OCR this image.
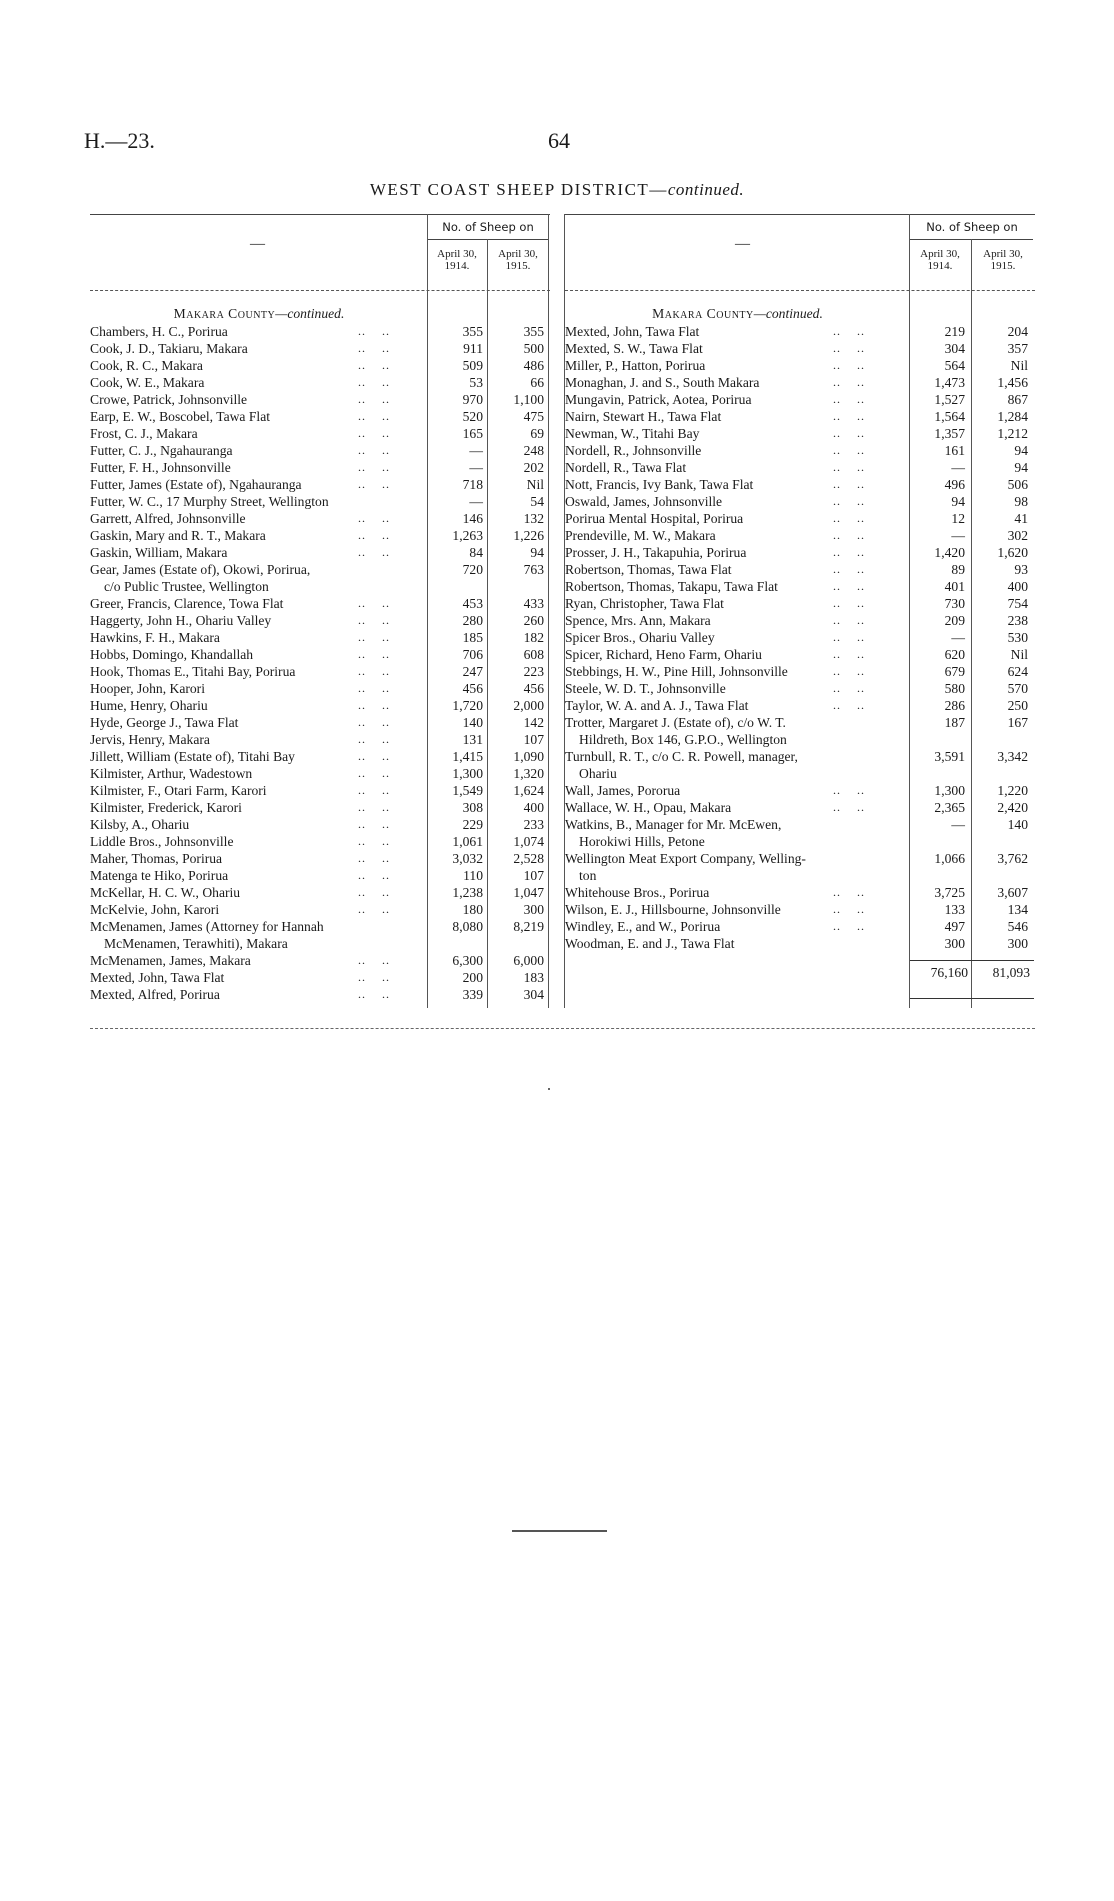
H.—23.	64
WEST COAST SHEEP DISTRICT—continued.
—
No. of Sheep on
April 30,
1914.
April 30,
1915.
Makara County—continued.
Chambers, H. C., Porirua	..    ..	355	355
Cook, J. D., Takiaru, Makara	..    ..	911	500
Cook, R. C., Makara	..    ..	509	486
Cook, W. E., Makara	..    ..	53	66
Crowe, Patrick, Johnsonville	..    ..	970	1,100
Earp, E. W., Boscobel, Tawa Flat	..    ..	520	475
Frost, C. J., Makara	..    ..	165	69
Futter, C. J., Ngahauranga	..    ..	—	248
Futter, F. H., Johnsonville	..    ..	—	202
Futter, James (Estate of), Ngahauranga	..    ..	718	Nil
Futter, W. C., 17 Murphy Street, Wellington	—	54
Garrett, Alfred, Johnsonville	..    ..	146	132
Gaskin, Mary and R. T., Makara	..    ..	1,263	1,226
Gaskin, William, Makara	..    ..	84	94
Gear, James (Estate of), Okowi, Porirua,	720	763
c/o Public Trustee, Wellington
Greer, Francis, Clarence, Towa Flat	..    ..	453	433
Haggerty, John H., Ohariu Valley	..    ..	280	260
Hawkins, F. H., Makara	..    ..	185	182
Hobbs, Domingo, Khandallah	..    ..	706	608
Hook, Thomas E., Titahi Bay, Porirua	..    ..	247	223
Hooper, John, Karori	..    ..	456	456
Hume, Henry, Ohariu	..    ..	1,720	2,000
Hyde, George J., Tawa Flat	..    ..	140	142
Jervis, Henry, Makara	..    ..	131	107
Jillett, William (Estate of), Titahi Bay	..    ..	1,415	1,090
Kilmister, Arthur, Wadestown	..    ..	1,300	1,320
Kilmister, F., Otari Farm, Karori	..    ..	1,549	1,624
Kilmister, Frederick, Karori	..    ..	308	400
Kilsby, A., Ohariu	..    ..	229	233
Liddle Bros., Johnsonville	..    ..	1,061	1,074
Maher, Thomas, Porirua	..    ..	3,032	2,528
Matenga te Hiko, Porirua	..    ..	110	107
McKellar, H. C. W., Ohariu	..    ..	1,238	1,047
McKelvie, John, Karori	..    ..	180	300
McMenamen, James (Attorney for Hannah	8,080	8,219
McMenamen, Terawhiti), Makara
McMenamen, James, Makara	..    ..	6,300	6,000
Mexted, John, Tawa Flat	..    ..	200	183
Mexted, Alfred, Porirua	..    ..	339	304
—
No. of Sheep on
April 30,
1914.
April 30,
1915.
Makara County—continued.
Mexted, John, Tawa Flat	..    ..	219	204
Mexted, S. W., Tawa Flat	..    ..	304	357
Miller, P., Hatton, Porirua	..    ..	564	Nil
Monaghan, J. and S., South Makara	..    ..	1,473	1,456
Mungavin, Patrick, Aotea, Porirua	..    ..	1,527	867
Nairn, Stewart H., Tawa Flat	..    ..	1,564	1,284
Newman, W., Titahi Bay	..    ..	1,357	1,212
Nordell, R., Johnsonville	..    ..	161	94
Nordell, R., Tawa Flat	..    ..	—	94
Nott, Francis, Ivy Bank, Tawa Flat	..    ..	496	506
Oswald, James, Johnsonville	..    ..	94	98
Porirua Mental Hospital, Porirua	..    ..	12	41
Prendeville, M. W., Makara	..    ..	—	302
Prosser, J. H., Takapuhia, Porirua	..    ..	1,420	1,620
Robertson, Thomas, Tawa Flat	..    ..	89	93
Robertson, Thomas, Takapu, Tawa Flat	..    ..	401	400
Ryan, Christopher, Tawa Flat	..    ..	730	754
Spence, Mrs. Ann, Makara	..    ..	209	238
Spicer Bros., Ohariu Valley	..    ..	—	530
Spicer, Richard, Heno Farm, Ohariu	..    ..	620	Nil
Stebbings, H. W., Pine Hill, Johnsonville	..    ..	679	624
Steele, W. D. T., Johnsonville	..    ..	580	570
Taylor, W. A. and A. J., Tawa Flat	..    ..	286	250
Trotter, Margaret J. (Estate of), c/o W. T.	187	167
Hildreth, Box 146, G.P.O., Wellington
Turnbull, R. T., c/o C. R. Powell, manager,	3,591	3,342
Ohariu
Wall, James, Pororua	..    ..	1,300	1,220
Wallace, W. H., Opau, Makara	..    ..	2,365	2,420
Watkins, B., Manager for Mr. McEwen,	—	140
Horokiwi Hills, Petone
Wellington Meat Export Company, Welling-	1,066	3,762
ton
Whitehouse Bros., Porirua	..    ..	3,725	3,607
Wilson, E. J., Hillsbourne, Johnsonville	..    ..	133	134
Windley, E., and W., Porirua	..    ..	497	546
Woodman, E. and J., Tawa Flat	300	300
76,160	81,093
